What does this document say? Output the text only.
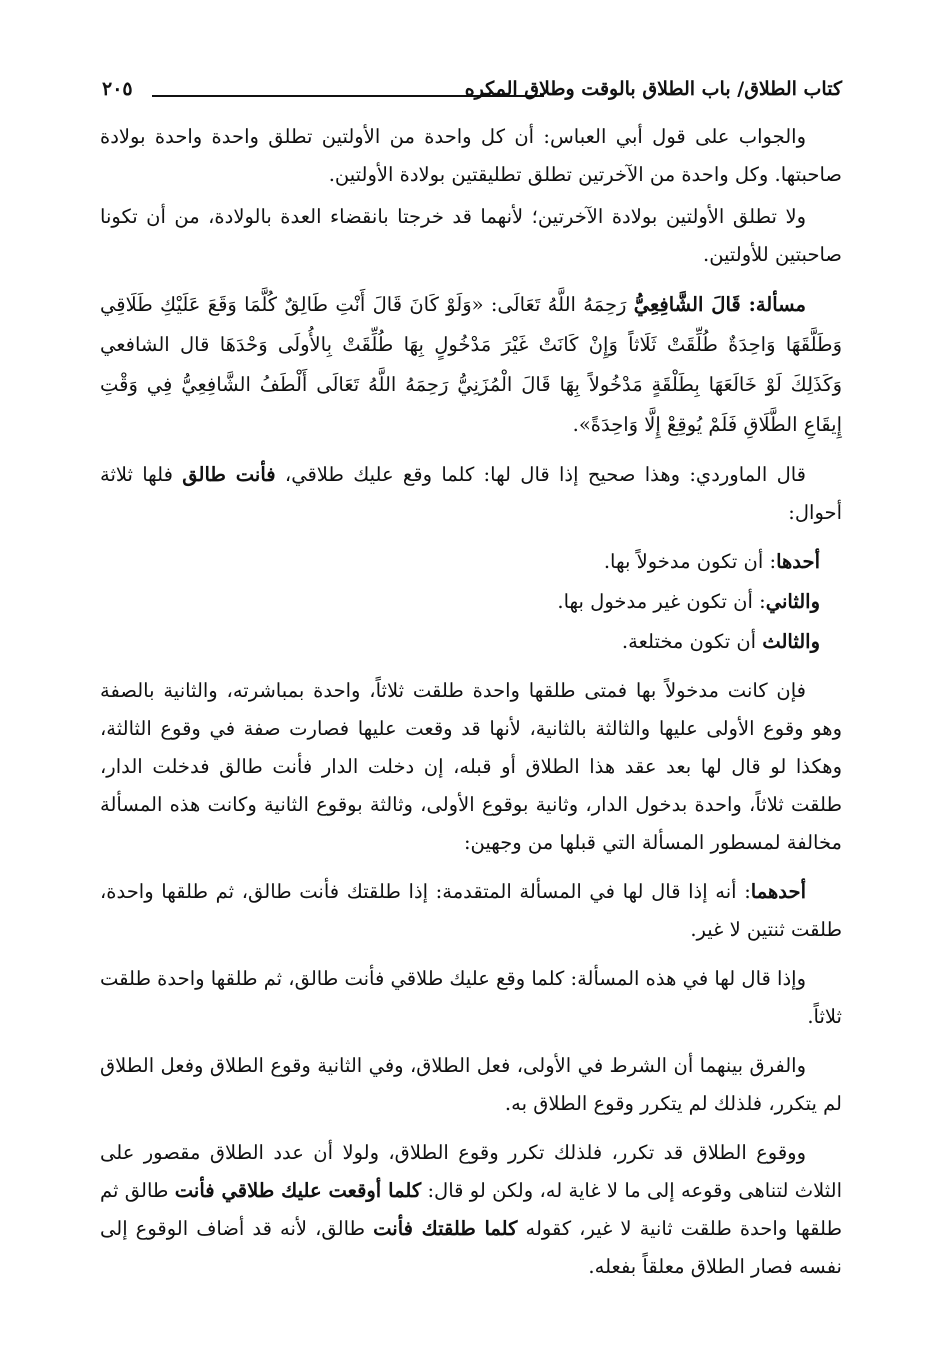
كتاب الطلاق/ باب الطلاق بالوقت وطلاق المكره
٢٠٥

والجواب على قول أبي العباس: أن كل واحدة من الأولتين تطلق واحدة واحدة بولادة صاحبتها. وكل واحدة من الآخرتين تطلق تطليقتين بولادة الأولتين.

ولا تطلق الأولتين بولادة الآخرتين؛ لأنهما قد خرجتا بانقضاء العدة بالولادة، من أن تكونا صاحبتين للأولتين.

مسألة: قَالَ الشَّافِعِيُّ رَحِمَهُ اللَّهُ تَعَالَى: «وَلَوْ كَانَ قَالَ أَنْتِ طَالِقٌ كُلَّمَا وَقَعَ عَلَيْكِ طَلَاقِي وَطَلَّقَهَا وَاحِدَةٌ طُلِّقَتْ ثَلَاثاً وَإِنْ كَانَتْ غَيْرَ مَدْخُولٍ بِهَا طُلِّقَتْ بِالأُولَى وَحْدَهَا قال الشافعي وَكَذَلِكَ لَوْ خَالَعَهَا بِطَلْقَةٍ مَدْخُولاً بِهَا قَالَ الْمُزَنِيُّ رَحِمَهُ اللَّهُ تَعَالَى أَلْطَفُ الشَّافِعِيُّ فِي وَقْتِ إِيقَاعِ الطَّلَاقِ فَلَمْ يُوقِعْ إِلَّا وَاحِدَةً».

قال الماوردي: وهذا صحيح إذا قال لها: كلما وقع عليك طلاقي، فأنت طالق فلها ثلاثة أحوال:

أحدها: أن تكون مدخولاً بها.

والثاني: أن تكون غير مدخول بها.

والثالث أن تكون مختلعة.

فإن كانت مدخولاً بها فمتى طلقها واحدة طلقت ثلاثاً، واحدة بمباشرته، والثانية بالصفة وهو وقوع الأولى عليها والثالثة بالثانية، لأنها قد وقعت عليها فصارت صفة في وقوع الثالثة، وهكذا لو قال لها بعد عقد هذا الطلاق أو قبله، إن دخلت الدار فأنت طالق فدخلت الدار، طلقت ثلاثاً، واحدة بدخول الدار، وثانية بوقوع الأولى، وثالثة بوقوع الثانية وكانت هذه المسألة مخالفة لمسطور المسألة التي قبلها من وجهين:

أحدهما: أنه إذا قال لها في المسألة المتقدمة: إذا طلقتك فأنت طالق، ثم طلقها واحدة، طلقت ثنتين لا غير.

وإذا قال لها في هذه المسألة: كلما وقع عليك طلاقي فأنت طالق، ثم طلقها واحدة طلقت ثلاثاً.

والفرق بينهما أن الشرط في الأولى، فعل الطلاق، وفي الثانية وقوع الطلاق وفعل الطلاق لم يتكرر، فلذلك لم يتكرر وقوع الطلاق به.

ووقوع الطلاق قد تكرر، فلذلك تكرر وقوع الطلاق، ولولا أن عدد الطلاق مقصور على الثلاث لتناهى وقوعه إلى ما لا غاية له، ولكن لو قال: كلما أوقعت عليك طلاقي فأنت طالق ثم طلقها واحدة طلقت ثانية لا غير، كقوله كلما طلقتك فأنت طالق، لأنه قد أضاف الوقوع إلى نفسه فصار الطلاق معلقاً بفعله.
